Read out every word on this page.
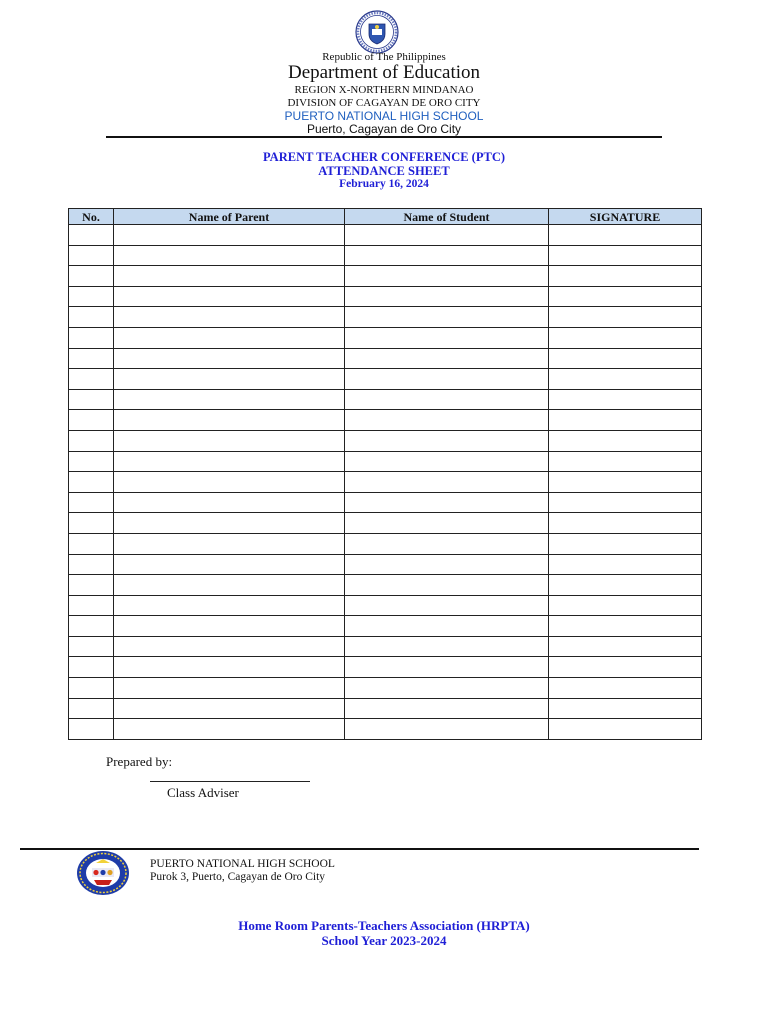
Republic of The Philippines
Department of Education
REGION X-NORTHERN MINDANAO
DIVISION OF CAGAYAN DE ORO CITY
PUERTO NATIONAL HIGH SCHOOL
Puerto, Cagayan de Oro City
PARENT TEACHER CONFERENCE (PTC)
ATTENDANCE SHEET
February 16, 2024
No.	Name of Parent	Name of Student	SIGNATURE

Prepared by:
Class Adviser
PUERTO NATIONAL HIGH SCHOOL
Purok 3, Puerto, Cagayan de Oro City
Home Room Parents-Teachers Association (HRPTA)
School Year 2023-2024
